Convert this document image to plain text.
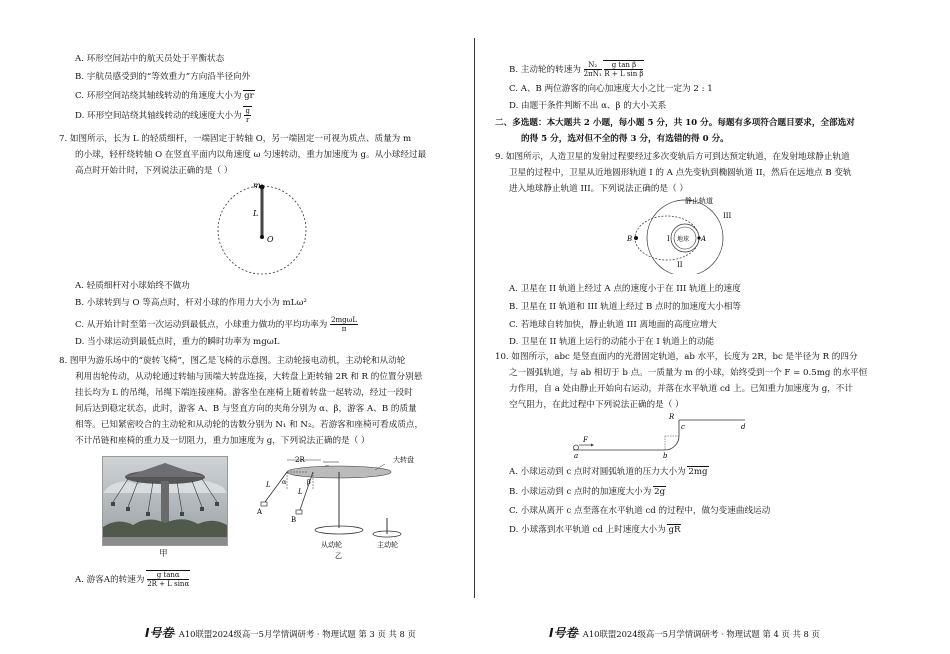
A. 环形空间站中的航天员处于平衡状态
B. 宇航员感受到的“等效重力”方向沿半径向外
C. 环形空间站绕其轴线转动的角速度大小为 gr
D. 环形空间站绕其轴线转动的线速度大小为 $\frac{g}{r}$
7. 如图所示，长为 L 的轻质细杆，一端固定于转轴 O，另一端固定一可视为质点、质量为 m
的小球，轻杆绕转轴 O 在竖直平面内以角速度 ω 匀速转动，重力加速度为 g。从小球经过最
高点时开始计时，下列说法正确的是（ ）
m
L
O
A. 轻质细杆对小球始终不做功
B. 小球转到与 O 等高点时，杆对小球的作用力大小为 mLω²
C. 从开始计时至第一次运动到最低点，小球重力做功的平均功率为 $\frac{\text{2mgωL}}{\pi}$
D. 当小球运动到最低点时，重力的瞬时功率为 mgωL
8. 图甲为游乐场中的“旋转飞椅”，图乙是飞椅的示意图。主动轮接电动机，主动轮和从动轮
利用齿轮传动，从动轮通过转轴与顶端大转盘连接，大转盘上距转轴 2R 和 R 的位置分别悬
挂长均为 L 的吊绳，吊绳下端连接座椅。游客坐在座椅上随着转盘一起转动，经过一段时
间后达到稳定状态，此时，游客 A、B 与竖直方向的夹角分别为 α、β，游客 A、B 的质量
相等。已知紧密咬合的主动轮和从动轮的齿数分别为 N₁ 和 N₂。若游客和座椅可看成质点，
不计吊链和座椅的重力及一切阻力，重力加速度为 g，下列说法正确的是（ ）
甲
2R	大转盘
L
L
α	β
A
B
从动轮	主动轮
乙
A. 游客A的转速为 $\frac{\text{g tanα}}{\text{2R + L sinα}}$
I号卷· A10联盟2024级高一5月学情调研考 · 物理试题 第 3 页 共 8 页
B. 主动轮的转速为 $\frac{\text{N₂}}{\text{2πN₁}}$
$\frac{\text{g tan β}}{\text{R + L sin β}}$
C. A、B 两位游客的向心加速度大小之比一定为 2 : 1
D. 由题干条件判断不出 α、β 的大小关系
二、多选题：本大题共 2 小题，每小题 5 分，共 10 分。每题有多项符合题目要求，全部选对
的得 5 分，选对但不全的得 3 分，有选错的得 0 分。
9. 如图所示，人造卫星的发射过程要经过多次变轨后方可到达预定轨道，在发射地球静止轨道
卫星的过程中，卫星从近地圆形轨道 I 的 A 点先变轨到椭圆轨道 II，然后在远地点 B 变轨
进入地球静止轨道 III。下列说法正确的是（ ）
静止轨道
III
I
II
地球 A
B
A. 卫星在 II 轨道上经过 A 点的速度小于在 III 轨道上的速度
B. 卫星在 II 轨道和 III 轨道上经过 B 点时的加速度大小相等
C. 若地球自转加快，静止轨道 III 离地面的高度应增大
D. 卫星在 II 轨道上运行的动能小于在 I 轨道上的动能
10. 如图所示，abc 是竖直面内的光滑固定轨道，ab 水平，长度为 2R，bc 是半径为 R 的四分
之一圆弧轨道，与 ab 相切于 b 点。一质量为 m 的小球，始终受到一个 F = 0.5mg 的水平恒
力作用，自 a 处由静止开始向右运动，并落在水平轨道 cd 上。已知重力加速度为 g，不计
空气阻力，在此过程中下列说法正确的是（ ）
F
a	b
c	d
R
A. 小球运动到 c 点时对圆弧轨道的压力大小为 2mg
B. 小球运动到 c 点时的加速度大小为 2g
C. 小球从离开 c 点至落在水平轨道 cd 的过程中，做匀变速曲线运动
D. 小球落到水平轨道 cd 上时速度大小为 gR
I号卷· A10联盟2024级高一5月学情调研考 · 物理试题 第 4 页 共 8 页
